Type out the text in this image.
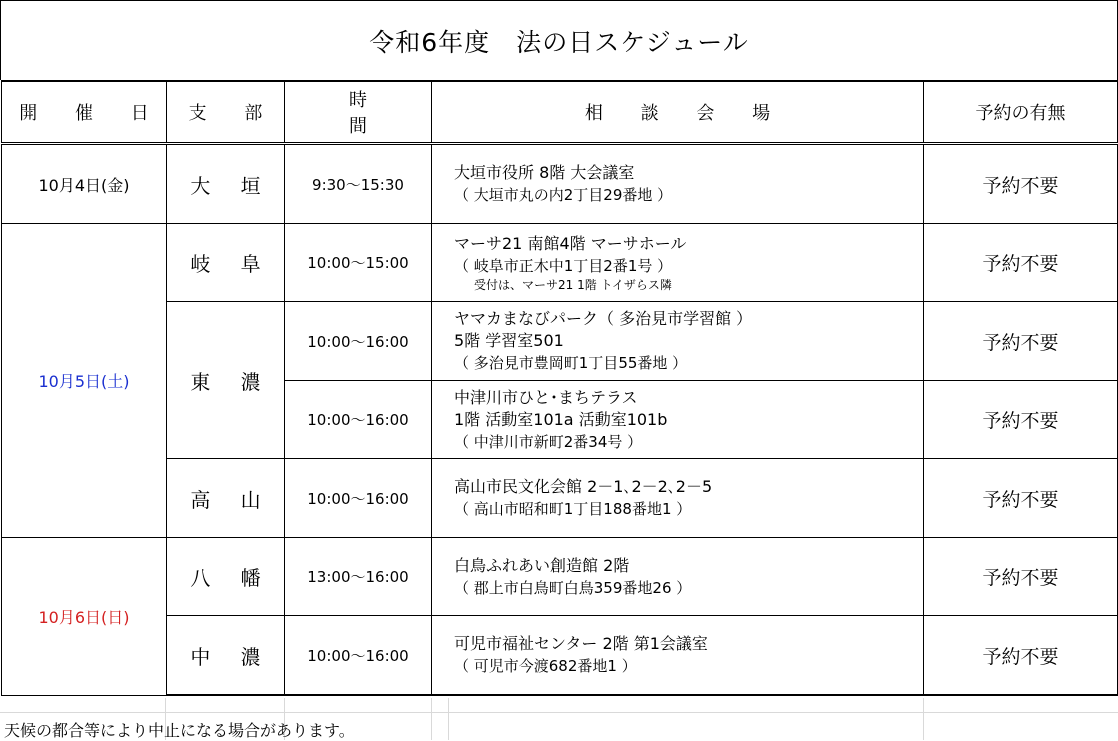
令和6年度　法の日スケジュール
開 催 日	支 部	時 間	相 談 会 場	予約の有無
10月4日(金)	大 垣	9:30～15:30	大垣市役所 8階 大会議室
（ 大垣市丸の内2丁目29番地 ）	予約不要
10月5日(土)	岐 阜	10:00～15:00	マーサ21 南館4階 マーサホール
（ 岐阜市正木中1丁目2番1号 ）
受付は、マーサ21 1階 トイザらス隣	予約不要
	東 濃	10:00～16:00	ヤマカまなびパーク（ 多治見市学習館 ）
5階 学習室501
（ 多治見市豊岡町1丁目55番地 ）	予約不要
		10:00～16:00	中津川市ひと･まちテラス
1階 活動室101a 活動室101b
（ 中津川市新町2番34号 ）	予約不要
	高 山	10:00～16:00	高山市民文化会館 2－1､2－2､2－5
（ 高山市昭和町1丁目188番地1 ）	予約不要
10月6日(日)	八 幡	13:00～16:00	白鳥ふれあい創造館 2階
（ 郡上市白鳥町白鳥359番地26 ）	予約不要
	中 濃	10:00～16:00	可児市福祉センター 2階 第1会議室
（ 可児市今渡682番地1 ）	予約不要
天候の都合等により中止になる場合があります。
